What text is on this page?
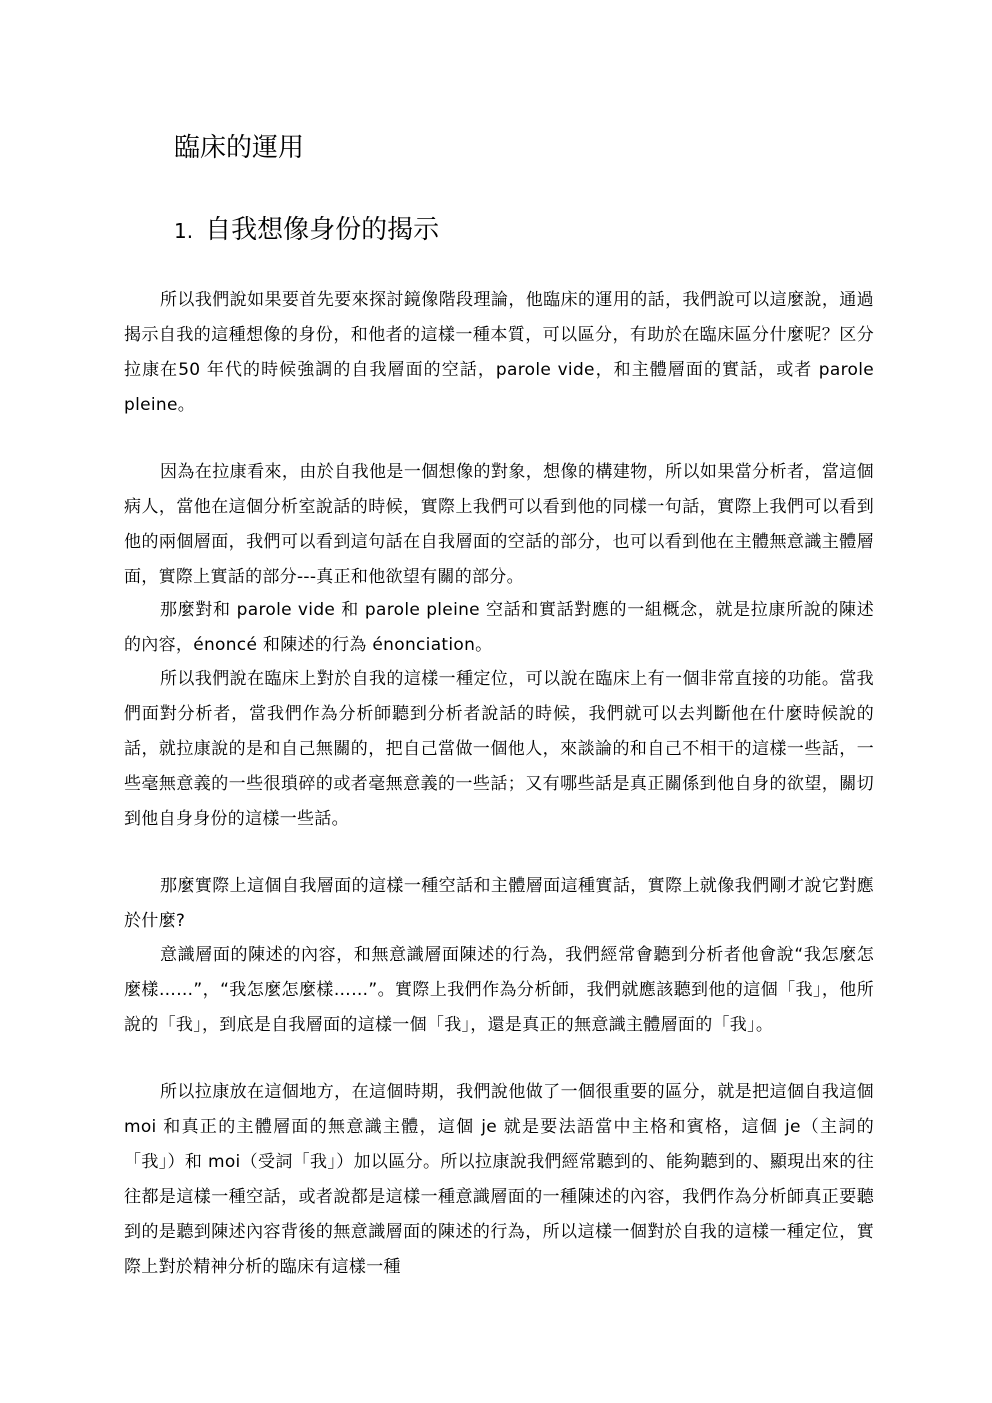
臨床的運用
1. 自我想像身份的揭示

所以我們說如果要首先要來探討鏡像階段理論，他臨床的運用的話，我們說可以這麼說，通過揭示自我的這種想像的身份，和他者的這樣一種本質，可以區分，有助於在臨床區分什麼呢？区分拉康在50 年代的時候強調的自我層面的空話，parole vide，和主體層面的實話，或者 parole pleine。

因為在拉康看來，由於自我他是一個想像的對象，想像的構建物，所以如果當分析者，當這個病人，當他在這個分析室說話的時候，實際上我們可以看到他的同樣一句話，實際上我們可以看到他的兩個層面，我們可以看到這句話在自我層面的空話的部分，也可以看到他在主體無意識主體層面，實際上實話的部分---真正和他欲望有關的部分。

那麼對和 parole vide 和 parole pleine 空話和實話對應的一組概念，就是拉康所說的陳述的內容，énoncé 和陳述的行為 énonciation。

所以我們說在臨床上對於自我的這樣一種定位，可以說在臨床上有一個非常直接的功能。當我們面對分析者，當我們作為分析師聽到分析者說話的時候，我們就可以去判斷他在什麼時候說的話，就拉康說的是和自己無關的，把自己當做一個他人，來談論的和自己不相干的這樣一些話，一些毫無意義的一些很瑣碎的或者毫無意義的一些話；又有哪些話是真正關係到他自身的欲望，關切到他自身身份的這樣一些話。

那麼實際上這個自我層面的這樣一種空話和主體層面這種實話，實際上就像我們剛才說它對應於什麼?

意識層面的陳述的內容，和無意識層面陳述的行為，我們經常會聽到分析者他會說“我怎麼怎麼樣……”，“我怎麼怎麼樣……”。實際上我們作為分析師，我們就應該聽到他的這個「我」，他所說的「我」，到底是自我層面的這樣一個「我」，還是真正的無意識主體層面的「我」。

所以拉康放在這個地方，在這個時期，我們說他做了一個很重要的區分，就是把這個自我這個 moi 和真正的主體層面的無意識主體，這個 je 就是要法語當中主格和賓格，這個 je（主詞的「我」）和 moi（受詞「我」）加以區分。所以拉康說我們經常聽到的、能夠聽到的、顯現出來的往往都是這樣一種空話，或者說都是這樣一種意識層面的一種陳述的內容，我們作為分析師真正要聽到的是聽到陳述內容背後的無意識層面的陳述的行為，所以這樣一個對於自我的這樣一種定位，實際上對於精神分析的臨床有這樣一種
